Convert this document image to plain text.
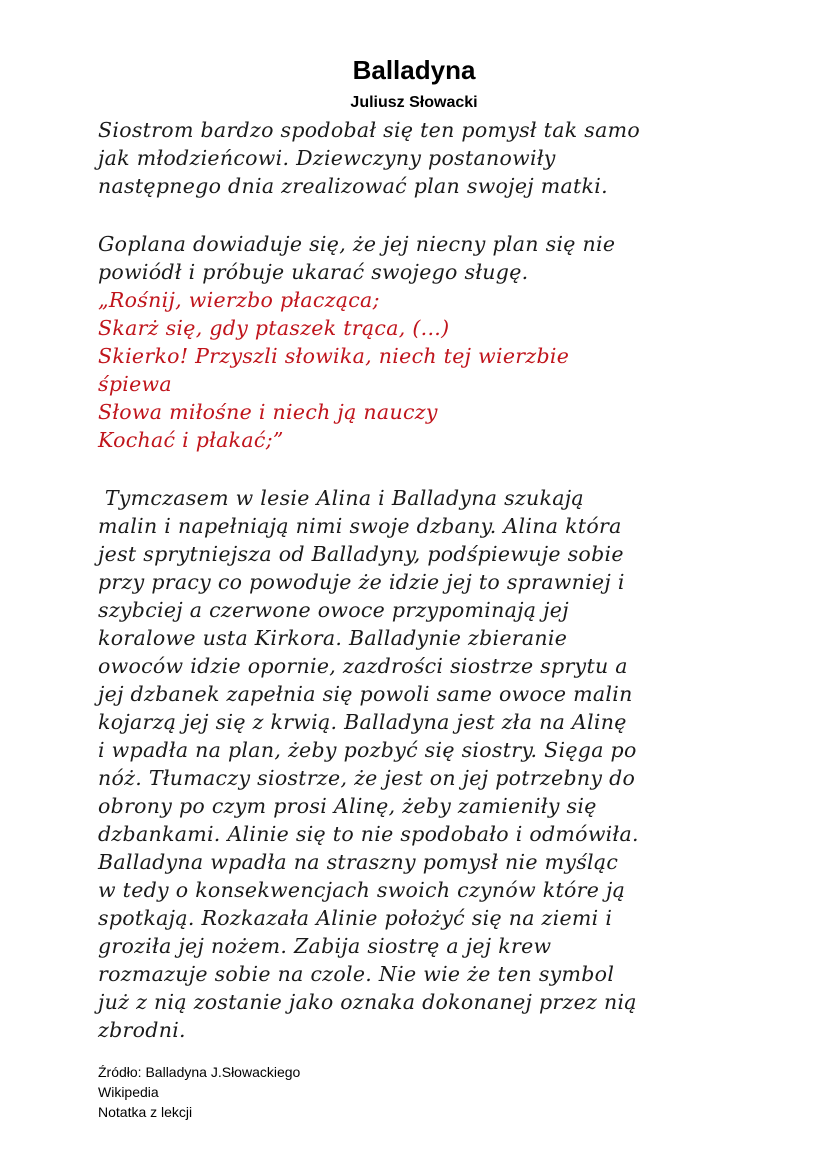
Balladyna
Juliusz Słowacki
Siostrom bardzo spodobał się ten pomysł tak samo
jak młodzieńcowi. Dziewczyny postanowiły
następnego dnia zrealizować plan swojej matki.
Goplana dowiaduje się, że jej niecny plan się nie
powiódł i próbuje ukarać swojego sługę.
„Rośnij, wierzbo płacząca;
Skarż się, gdy ptaszek trąca, (...)
Skierko! Przyszli słowika, niech tej wierzbie
śpiewa
Słowa miłośne i niech ją nauczy
Kochać i płakać;”
Tymczasem w lesie Alina i Balladyna szukają
malin i napełniają nimi swoje dzbany. Alina która
jest sprytniejsza od Balladyny, podśpiewuje sobie
przy pracy co powoduje że idzie jej to sprawniej i
szybciej a czerwone owoce przypominają jej
koralowe usta Kirkora. Balladynie zbieranie
owoców idzie opornie, zazdrości siostrze sprytu a
jej dzbanek zapełnia się powoli same owoce malin
kojarzą jej się z krwią. Balladyna jest zła na Alinę
i wpadła na plan, żeby pozbyć się siostry. Sięga po
nóż. Tłumaczy siostrze, że jest on jej potrzebny do
obrony po czym prosi Alinę, żeby zamieniły się
dzbankami. Alinie się to nie spodobało i odmówiła.
Balladyna wpadła na straszny pomysł nie myśląc
w tedy o konsekwencjach swoich czynów które ją
spotkają. Rozkazała Alinie położyć się na ziemi i
groziła jej nożem. Zabija siostrę a jej krew
rozmazuje sobie na czole. Nie wie że ten symbol
już z nią zostanie jako oznaka dokonanej przez nią
zbrodni.
Źródło: Balladyna J.Słowackiego
Wikipedia
Notatka z lekcji
